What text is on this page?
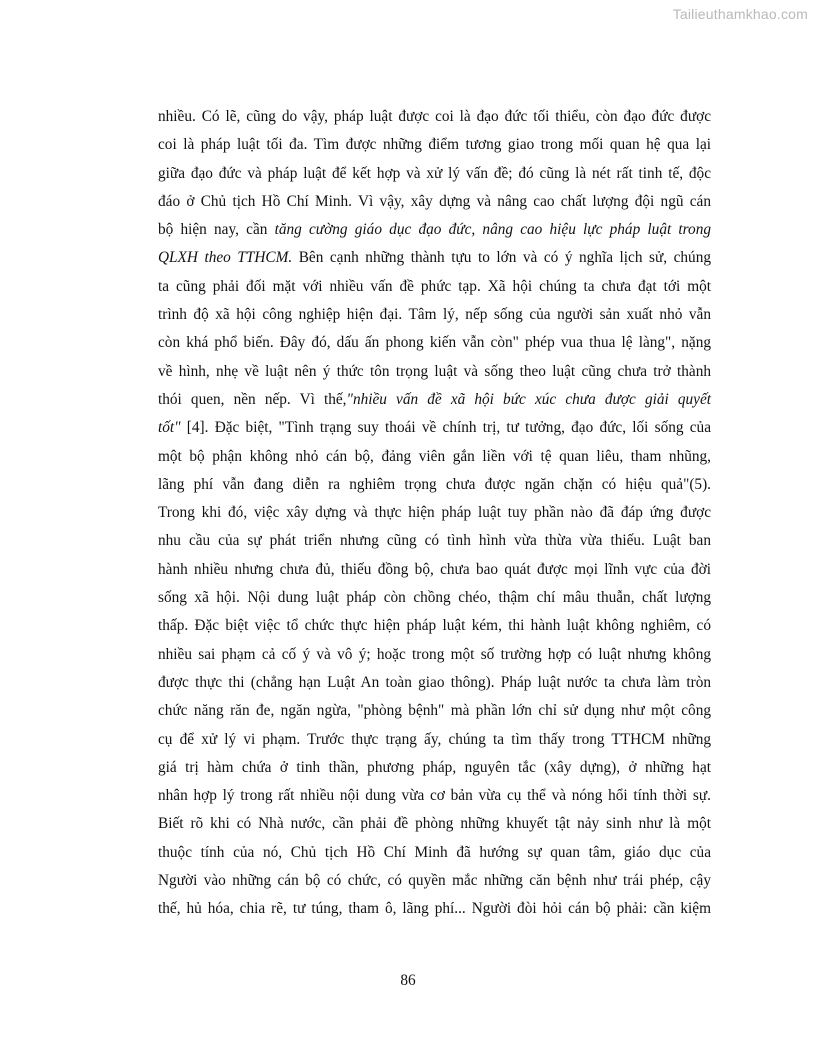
Tailieuthamkhao.com
nhiều. Có lẽ, cũng do vậy, pháp luật được coi là đạo đức tối thiểu, còn đạo đức được
coi là pháp luật tối đa. Tìm được những điểm tương giao trong mối quan hệ qua lại
giữa đạo đức và pháp luật để kết hợp và xử lý vấn đề; đó cũng là nét rất tinh tế, độc
đáo ở Chủ tịch Hồ Chí Minh. Vì vậy, xây dựng và nâng cao chất lượng đội ngũ cán
bộ hiện nay, cần tăng cường giáo dục đạo đức, nâng cao hiệu lực pháp luật trong
QLXH theo TTHCM. Bên cạnh những thành tựu to lớn và có ý nghĩa lịch sử, chúng
ta cũng phải đối mặt với nhiều vấn đề phức tạp. Xã hội chúng ta chưa đạt tới một
trình độ xã hội công nghiệp hiện đại. Tâm lý, nếp sống của người sản xuất nhỏ vẫn
còn khá phổ biến. Đây đó, dấu ấn phong kiến vẫn còn" phép vua thua lệ làng", nặng
về hình, nhẹ về luật nên ý thức tôn trọng luật và sống theo luật cũng chưa trở thành
thói quen, nền nếp. Vì thế,"nhiều vấn đề xã hội bức xúc chưa được giải quyết
tốt" [4]. Đặc biệt, "Tình trạng suy thoái về chính trị, tư tưởng, đạo đức, lối sống của
một bộ phận không nhỏ cán bộ, đảng viên gắn liền với tệ quan liêu, tham nhũng,
lãng phí vẫn đang diễn ra nghiêm trọng chưa được ngăn chặn có hiệu quả"(5).
Trong khi đó, việc xây dựng và thực hiện pháp luật tuy phần nào đã đáp ứng được
nhu cầu của sự phát triển nhưng cũng có tình hình vừa thừa vừa thiếu. Luật ban
hành nhiều nhưng chưa đủ, thiếu đồng bộ, chưa bao quát được mọi lĩnh vực của đời
sống xã hội. Nội dung luật pháp còn chồng chéo, thậm chí mâu thuẫn, chất lượng
thấp. Đặc biệt việc tổ chức thực hiện pháp luật kém, thi hành luật không nghiêm, có
nhiều sai phạm cả cố ý và vô ý; hoặc trong một số trường hợp có luật nhưng không
được thực thi (chẳng hạn Luật An toàn giao thông). Pháp luật nước ta chưa làm tròn
chức năng răn đe, ngăn ngừa, "phòng bệnh" mà phần lớn chỉ sử dụng như một công
cụ để xử lý vi phạm. Trước thực trạng ấy, chúng ta tìm thấy trong TTHCM những
giá trị hàm chứa ở tinh thần, phương pháp, nguyên tắc (xây dựng), ở những hạt
nhân hợp lý trong rất nhiều nội dung vừa cơ bản vừa cụ thể và nóng hổi tính thời sự.
Biết rõ khi có Nhà nước, cần phải đề phòng những khuyết tật nảy sinh như là một
thuộc tính của nó, Chủ tịch Hồ Chí Minh đã hướng sự quan tâm, giáo dục của
Người vào những cán bộ có chức, có quyền mắc những căn bệnh như trái phép, cậy
thế, hủ hóa, chia rẽ, tư túng, tham ô, lãng phí... Người đòi hỏi cán bộ phải: cần kiệm
86
